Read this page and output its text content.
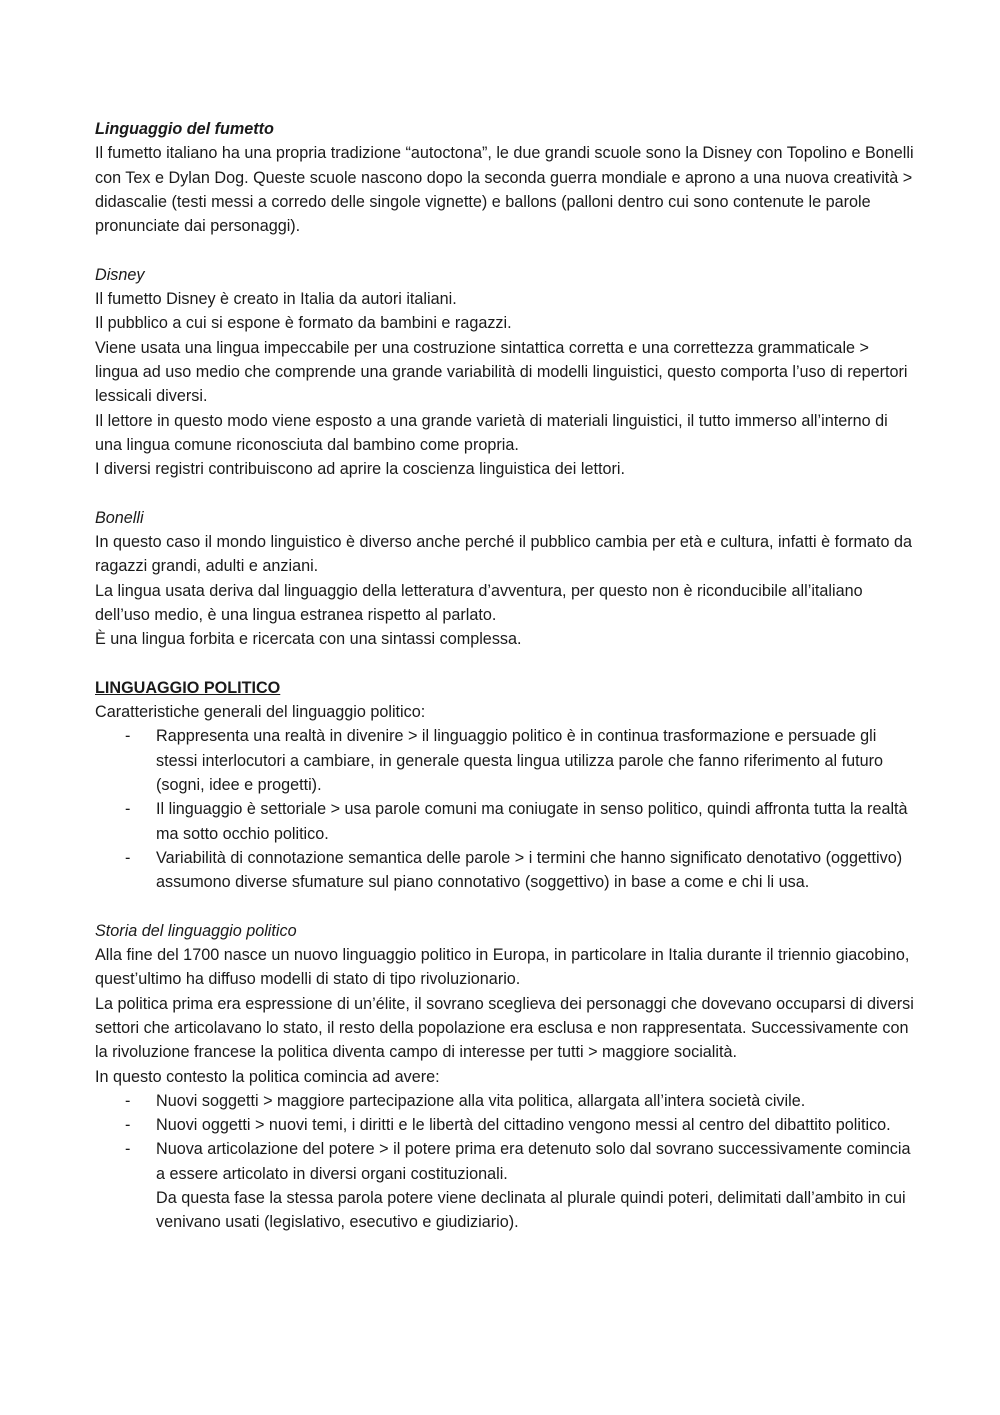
Linguaggio del fumetto

Il fumetto italiano ha una propria tradizione “autoctona”, le due grandi scuole sono la Disney con Topolino e Bonelli con Tex e Dylan Dog. Queste scuole nascono dopo la seconda guerra mondiale e aprono a una nuova creatività > didascalie (testi messi a corredo delle singole vignette) e ballons (palloni dentro cui sono contenute le parole pronunciate dai personaggi).

Disney

Il fumetto Disney è creato in Italia da autori italiani.

Il pubblico a cui si espone è formato da bambini e ragazzi.

Viene usata una lingua impeccabile per una costruzione sintattica corretta e una correttezza grammaticale > lingua ad uso medio che comprende una grande variabilità di modelli linguistici, questo comporta l’uso di repertori lessicali diversi.

Il lettore in questo modo viene esposto a una grande varietà di materiali linguistici, il tutto immerso all’interno di una lingua comune riconosciuta dal bambino come propria.

I diversi registri contribuiscono ad aprire la coscienza linguistica dei lettori.

Bonelli

In questo caso il mondo linguistico è diverso anche perché il pubblico cambia per età e cultura, infatti è formato da ragazzi grandi, adulti e anziani.

La lingua usata deriva dal linguaggio della letteratura d’avventura, per questo non è riconducibile all’italiano dell’uso medio, è una lingua estranea rispetto al parlato.

È una lingua forbita e ricercata con una sintassi complessa.

LINGUAGGIO POLITICO

Caratteristiche generali del linguaggio politico:

- Rappresenta una realtà in divenire > il linguaggio politico è in continua trasformazione e persuade gli stessi interlocutori a cambiare, in generale questa lingua utilizza parole che fanno riferimento al futuro (sogni, idee e progetti).
- Il linguaggio è settoriale > usa parole comuni ma coniugate in senso politico, quindi affronta tutta la realtà ma sotto occhio politico.
- Variabilità di connotazione semantica delle parole > i termini che hanno significato denotativo (oggettivo) assumono diverse sfumature sul piano connotativo (soggettivo) in base a come e chi li usa.

Storia del linguaggio politico

Alla fine del 1700 nasce un nuovo linguaggio politico in Europa, in particolare in Italia durante il triennio giacobino, quest’ultimo ha diffuso modelli di stato di tipo rivoluzionario.

La politica prima era espressione di un’élite, il sovrano sceglieva dei personaggi che dovevano occuparsi di diversi settori che articolavano lo stato, il resto della popolazione era esclusa e non rappresentata. Successivamente con la rivoluzione francese la politica diventa campo di interesse per tutti > maggiore socialità.

In questo contesto la politica comincia ad avere:

- Nuovi soggetti > maggiore partecipazione alla vita politica, allargata all’intera società civile.
- Nuovi oggetti > nuovi temi, i diritti e le libertà del cittadino vengono messi al centro del dibattito politico.
- Nuova articolazione del potere > il potere prima era detenuto solo dal sovrano successivamente comincia a essere articolato in diversi organi costituzionali.

Da questa fase la stessa parola potere viene declinata al plurale quindi poteri, delimitati dall’ambito in cui venivano usati (legislativo, esecutivo e giudiziario).
